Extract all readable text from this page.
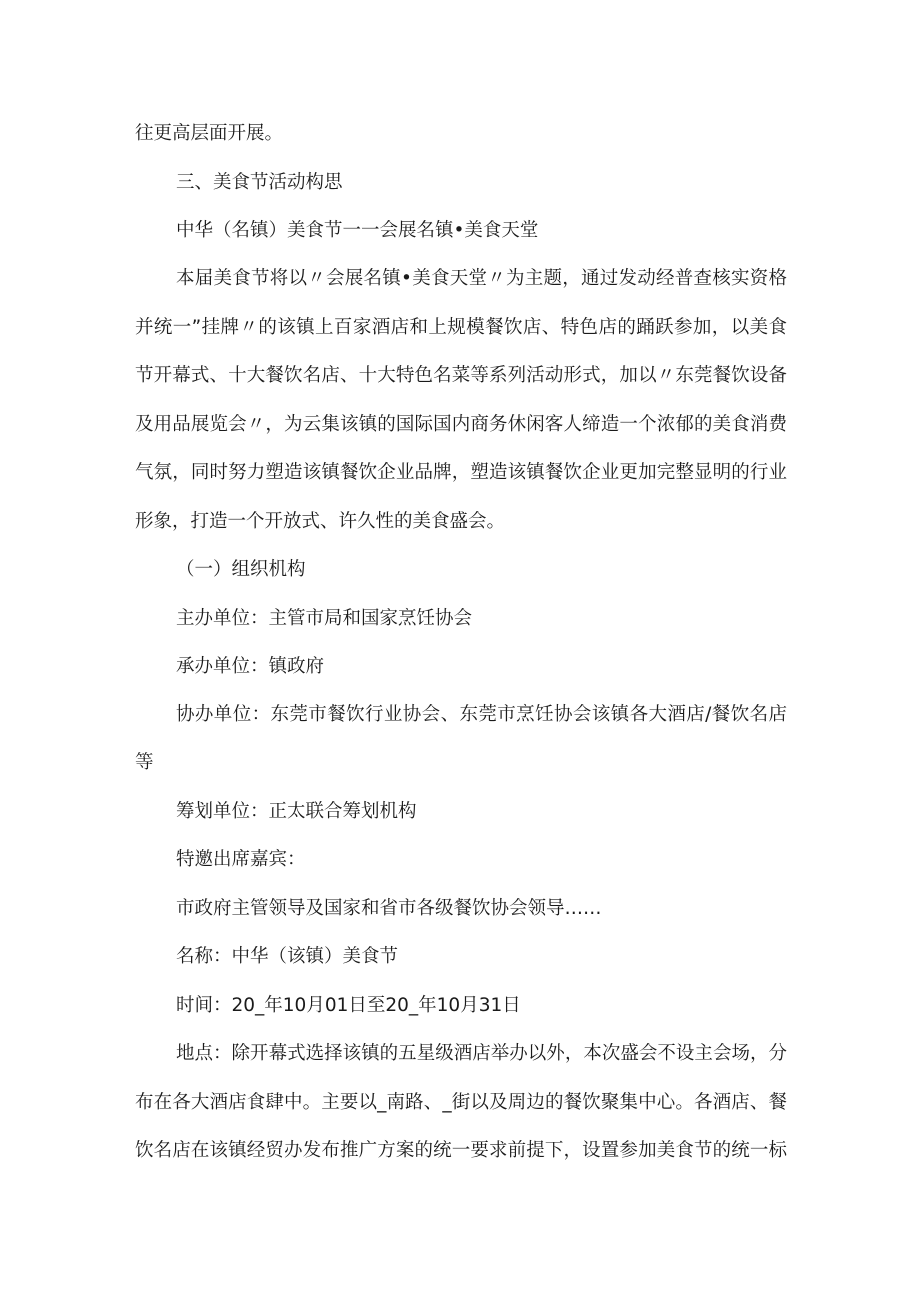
往更高层面开展。
三、美食节活动构思
中华（名镇）美食节一一会展名镇•美食天堂
本届美食节将以〃会展名镇•美食天堂〃为主题，通过发动经普查核实资格
并统一”挂牌〃的该镇上百家酒店和上规模餐饮店、特色店的踊跃参加，以美食
节开幕式、十大餐饮名店、十大特色名菜等系列活动形式，加以〃东莞餐饮设备
及用品展览会〃，为云集该镇的国际国内商务休闲客人缔造一个浓郁的美食消费
气氛，同时努力塑造该镇餐饮企业品牌，塑造该镇餐饮企业更加完整显明的行业
形象，打造一个开放式、许久性的美食盛会。
（一）组织机构
主办单位：主管市局和国家烹饪协会
承办单位：镇政府
协办单位：东莞市餐饮行业协会、东莞市烹饪协会该镇各大酒店/餐饮名店
等
筹划单位：正太联合筹划机构
特邀出席嘉宾：
市政府主管领导及国家和省市各级餐饮协会领导……
名称：中华（该镇）美食节
时间：20_年10月01日至20_年10月31日
地点：除开幕式选择该镇的五星级酒店举办以外，本次盛会不设主会场，分
布在各大酒店食肆中。主要以_南路、_街以及周边的餐饮聚集中心。各酒店、餐
饮名店在该镇经贸办发布推广方案的统一要求前提下，设置参加美食节的统一标
